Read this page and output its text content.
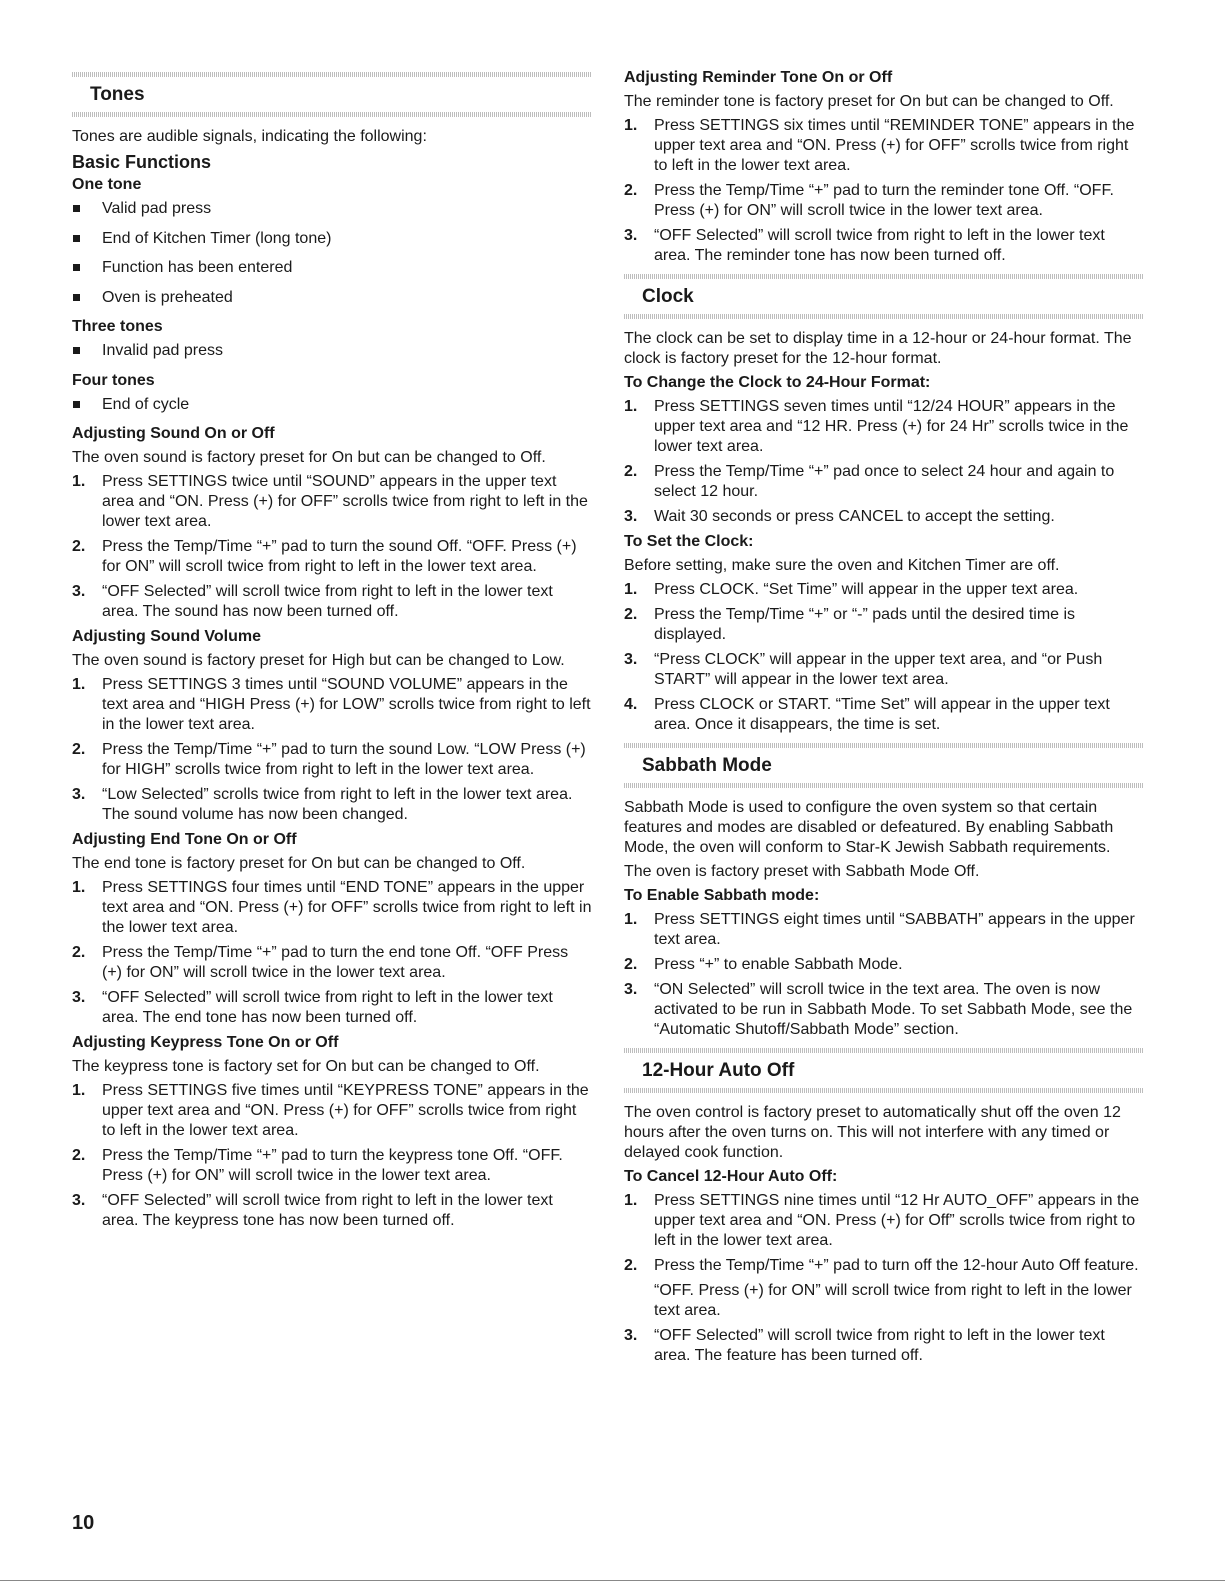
Tones

Tones are audible signals, indicating the following:

Basic Functions
One tone
Valid pad press
End of Kitchen Timer (long tone)
Function has been entered
Oven is preheated
Three tones
Invalid pad press
Four tones
End of cycle
Adjusting Sound On or Off

The oven sound is factory preset for On but can be changed to Off.

1. Press SETTINGS twice until “SOUND” appears in the upper text area and “ON. Press (+) for OFF” scrolls twice from right to left in the lower text area.
2. Press the Temp/Time “+” pad to turn the sound Off. “OFF. Press (+) for ON” will scroll twice from right to left in the lower text area.
3. “OFF Selected” will scroll twice from right to left in the lower text area. The sound has now been turned off.
Adjusting Sound Volume

The oven sound is factory preset for High but can be changed to Low.

1. Press SETTINGS 3 times until “SOUND VOLUME” appears in the text area and “HIGH Press (+) for LOW” scrolls twice from right to left in the lower text area.
2. Press the Temp/Time “+” pad to turn the sound Low. “LOW Press (+) for HIGH” scrolls twice from right to left in the lower text area.
3. “Low Selected” scrolls twice from right to left in the lower text area. The sound volume has now been changed.
Adjusting End Tone On or Off

The end tone is factory preset for On but can be changed to Off.

1. Press SETTINGS four times until “END TONE” appears in the upper text area and “ON. Press (+) for OFF” scrolls twice from right to left in the lower text area.
2. Press the Temp/Time “+” pad to turn the end tone Off. “OFF Press (+) for ON” will scroll twice in the lower text area.
3. “OFF Selected” will scroll twice from right to left in the lower text area. The end tone has now been turned off.
Adjusting Keypress Tone On or Off

The keypress tone is factory set for On but can be changed to Off.

1. Press SETTINGS five times until “KEYPRESS TONE” appears in the upper text area and “ON. Press (+) for OFF” scrolls twice from right to left in the lower text area.
2. Press the Temp/Time “+” pad to turn the keypress tone Off. “OFF. Press (+) for ON” will scroll twice in the lower text area.
3. “OFF Selected” will scroll twice from right to left in the lower text area. The keypress tone has now been turned off.
Adjusting Reminder Tone On or Off

The reminder tone is factory preset for On but can be changed to Off.

1. Press SETTINGS six times until “REMINDER TONE” appears in the upper text area and “ON. Press (+) for OFF” scrolls twice from right to left in the lower text area.
2. Press the Temp/Time “+” pad to turn the reminder tone Off. “OFF. Press (+) for ON” will scroll twice in the lower text area.
3. “OFF Selected” will scroll twice from right to left in the lower text area. The reminder tone has now been turned off.
Clock

The clock can be set to display time in a 12-hour or 24-hour format. The clock is factory preset for the 12-hour format.

To Change the Clock to 24-Hour Format:
1. Press SETTINGS seven times until “12/24 HOUR” appears in the upper text area and “12 HR. Press (+) for 24 Hr” scrolls twice in the lower text area.
2. Press the Temp/Time “+” pad once to select 24 hour and again to select 12 hour.
3. Wait 30 seconds or press CANCEL to accept the setting.
To Set the Clock:

Before setting, make sure the oven and Kitchen Timer are off.

1. Press CLOCK. “Set Time” will appear in the upper text area.
2. Press the Temp/Time “+” or “-” pads until the desired time is displayed.
3. “Press CLOCK” will appear in the upper text area, and “or Push START” will appear in the lower text area.
4. Press CLOCK or START. “Time Set” will appear in the upper text area. Once it disappears, the time is set.
Sabbath Mode

Sabbath Mode is used to configure the oven system so that certain features and modes are disabled or defeatured. By enabling Sabbath Mode, the oven will conform to Star-K Jewish Sabbath requirements.

The oven is factory preset with Sabbath Mode Off.

To Enable Sabbath mode:
1. Press SETTINGS eight times until “SABBATH” appears in the upper text area.
2. Press “+” to enable Sabbath Mode.
3. “ON Selected” will scroll twice in the text area. The oven is now activated to be run in Sabbath Mode. To set Sabbath Mode, see the “Automatic Shutoff/Sabbath Mode” section.
12-Hour Auto Off

The oven control is factory preset to automatically shut off the oven 12 hours after the oven turns on. This will not interfere with any timed or delayed cook function.

To Cancel 12-Hour Auto Off:
1. Press SETTINGS nine times until “12 Hr AUTO_OFF” appears in the upper text area and “ON. Press (+) for Off” scrolls twice from right to left in the lower text area.
2. Press the Temp/Time “+” pad to turn off the 12-hour Auto Off feature.
“OFF. Press (+) for ON” will scroll twice from right to left in the lower text area.
3. “OFF Selected” will scroll twice from right to left in the lower text area. The feature has been turned off.
10
